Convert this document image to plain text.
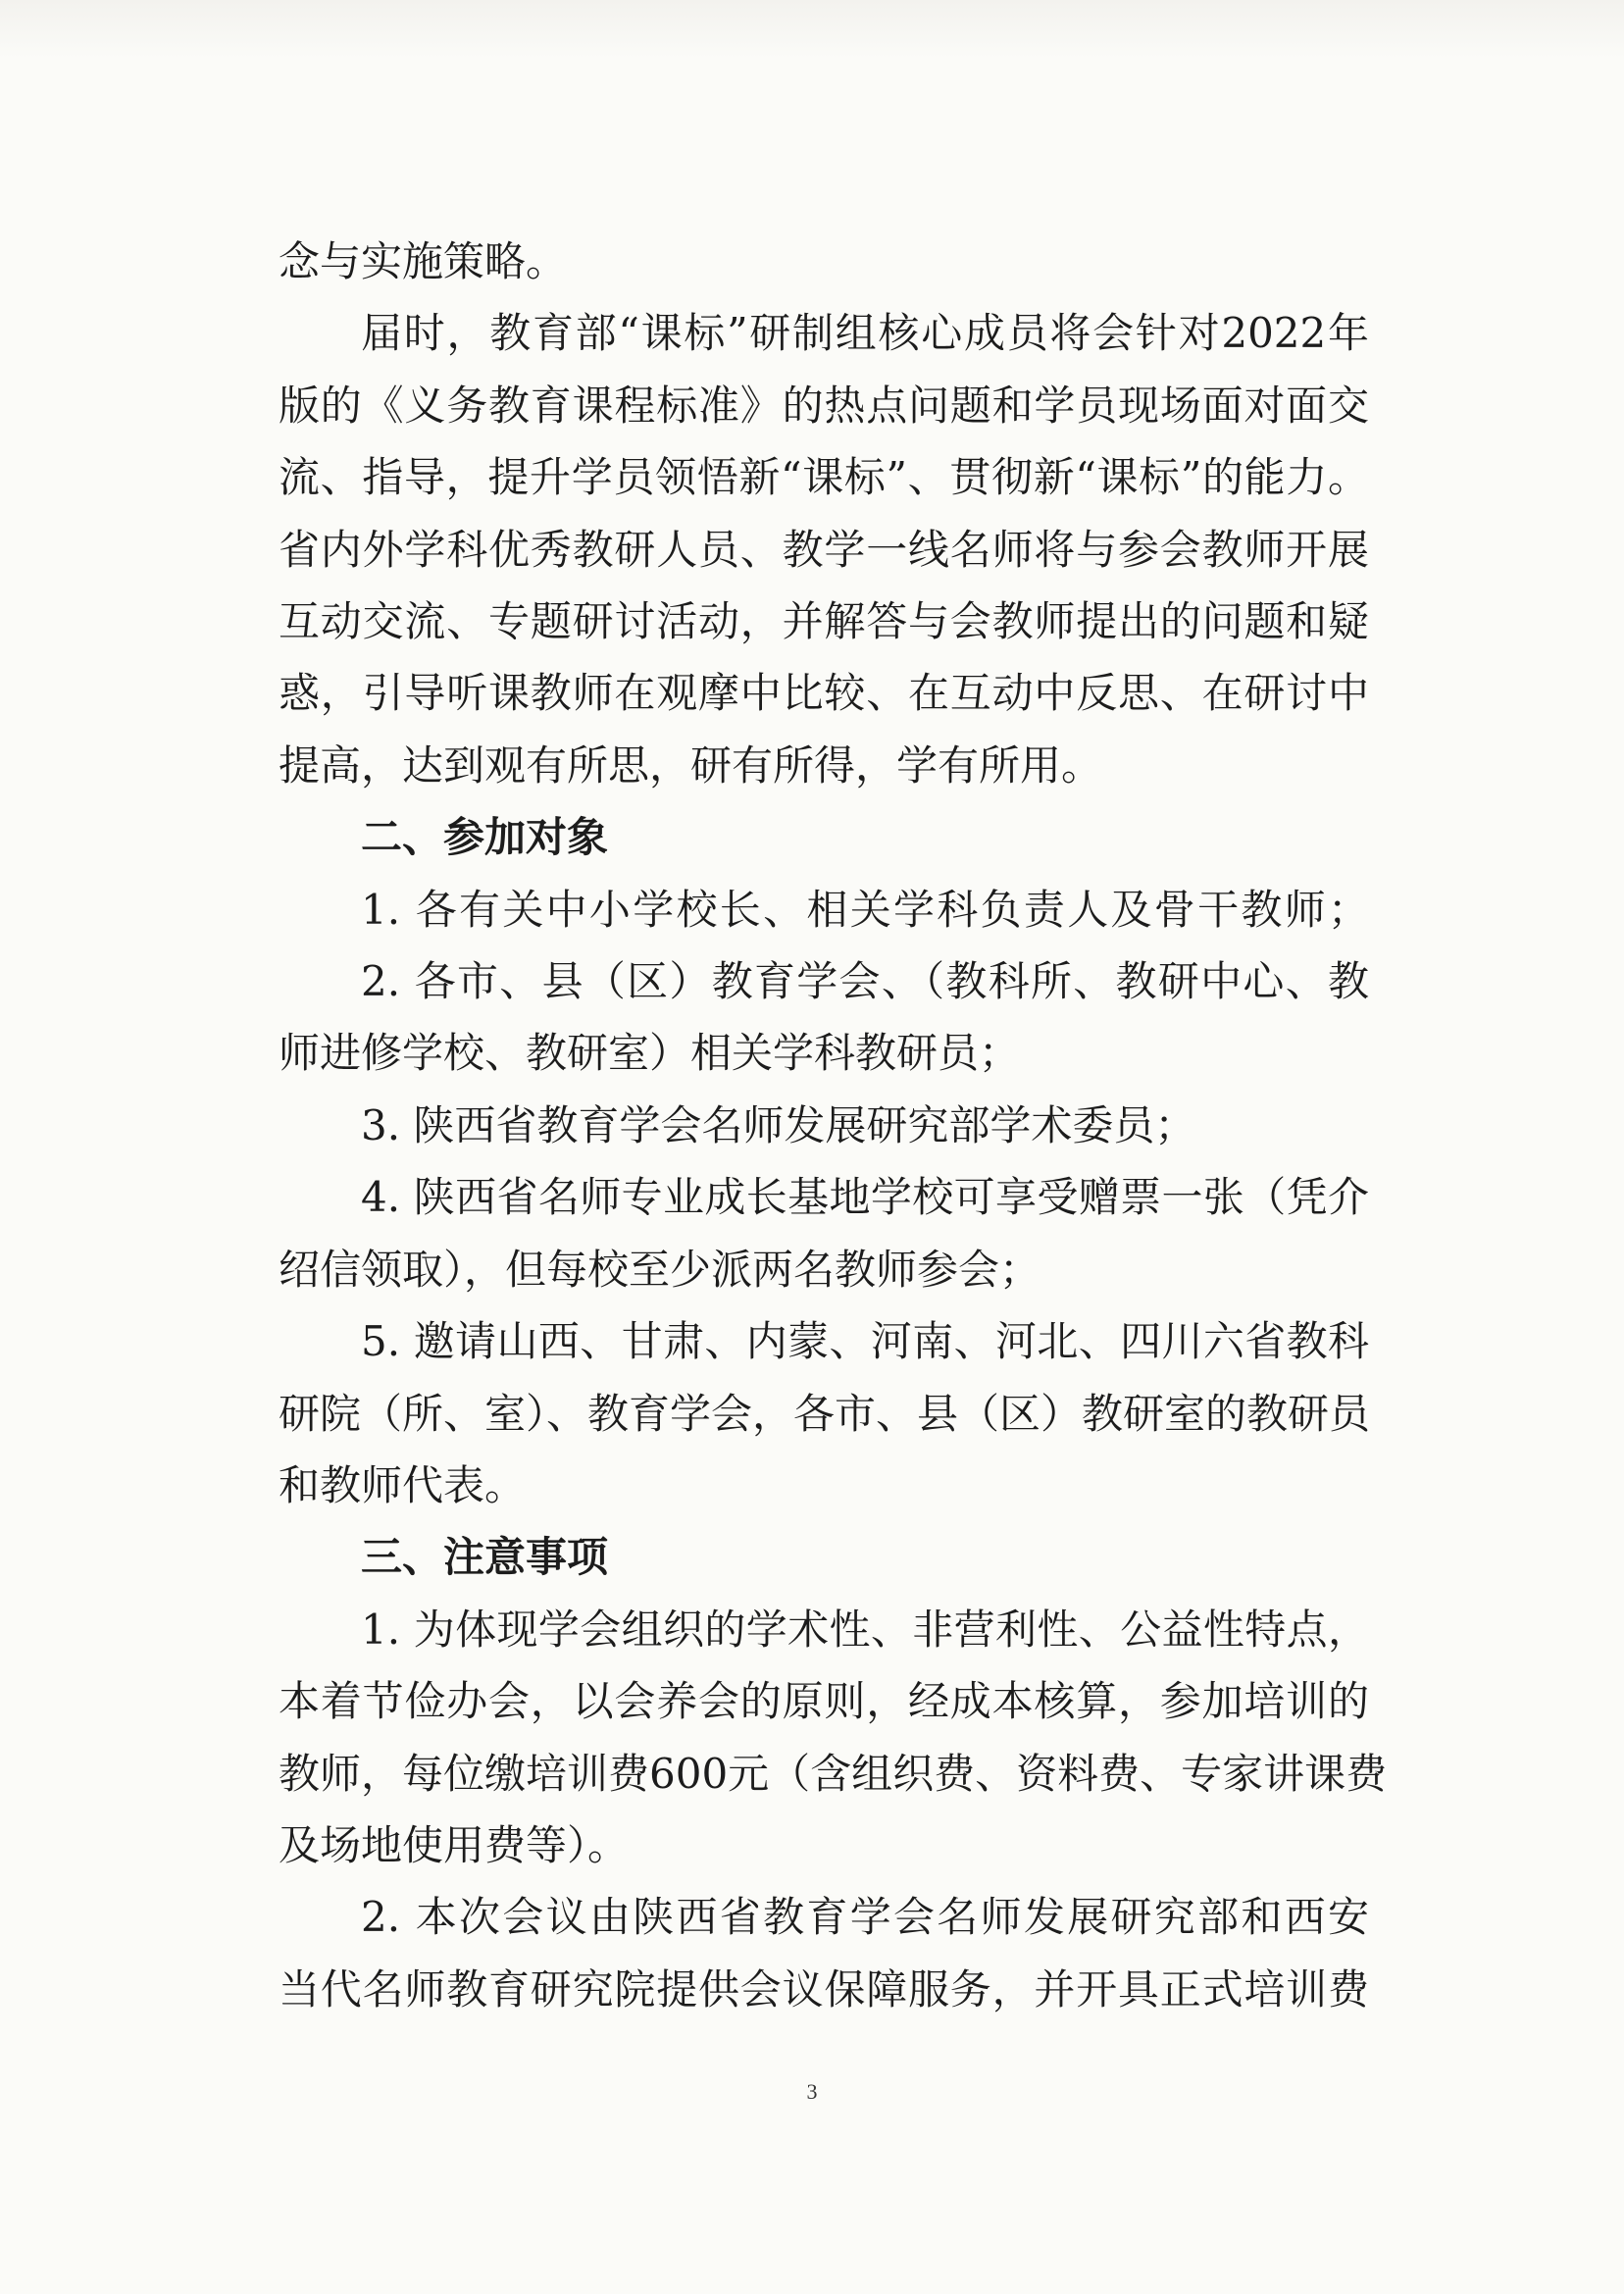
念与实施策略。
届时，教育部“课标”研制组核心成员将会针对2022年
版的《义务教育课程标准》的热点问题和学员现场面对面交
流、指导，提升学员领悟新“课标”、贯彻新“课标”的能力。
省内外学科优秀教研人员、教学一线名师将与参会教师开展
互动交流、专题研讨活动，并解答与会教师提出的问题和疑
惑，引导听课教师在观摩中比较、在互动中反思、在研讨中
提高，达到观有所思，研有所得，学有所用。
二、参加对象
1. 各有关中小学校长、相关学科负责人及骨干教师；
2. 各市、县（区）教育学会、（教科所、教研中心、教
师进修学校、教研室）相关学科教研员；
3. 陕西省教育学会名师发展研究部学术委员；
4. 陕西省名师专业成长基地学校可享受赠票一张（凭介
绍信领取），但每校至少派两名教师参会；
5. 邀请山西、甘肃、内蒙、河南、河北、四川六省教科
研院（所、室）、教育学会，各市、县（区）教研室的教研员
和教师代表。
三、注意事项
1. 为体现学会组织的学术性、非营利性、公益性特点，
本着节俭办会，以会养会的原则，经成本核算，参加培训的
教师，每位缴培训费600元（含组织费、资料费、专家讲课费
及场地使用费等）。
2. 本次会议由陕西省教育学会名师发展研究部和西安
当代名师教育研究院提供会议保障服务，并开具正式培训费
3
